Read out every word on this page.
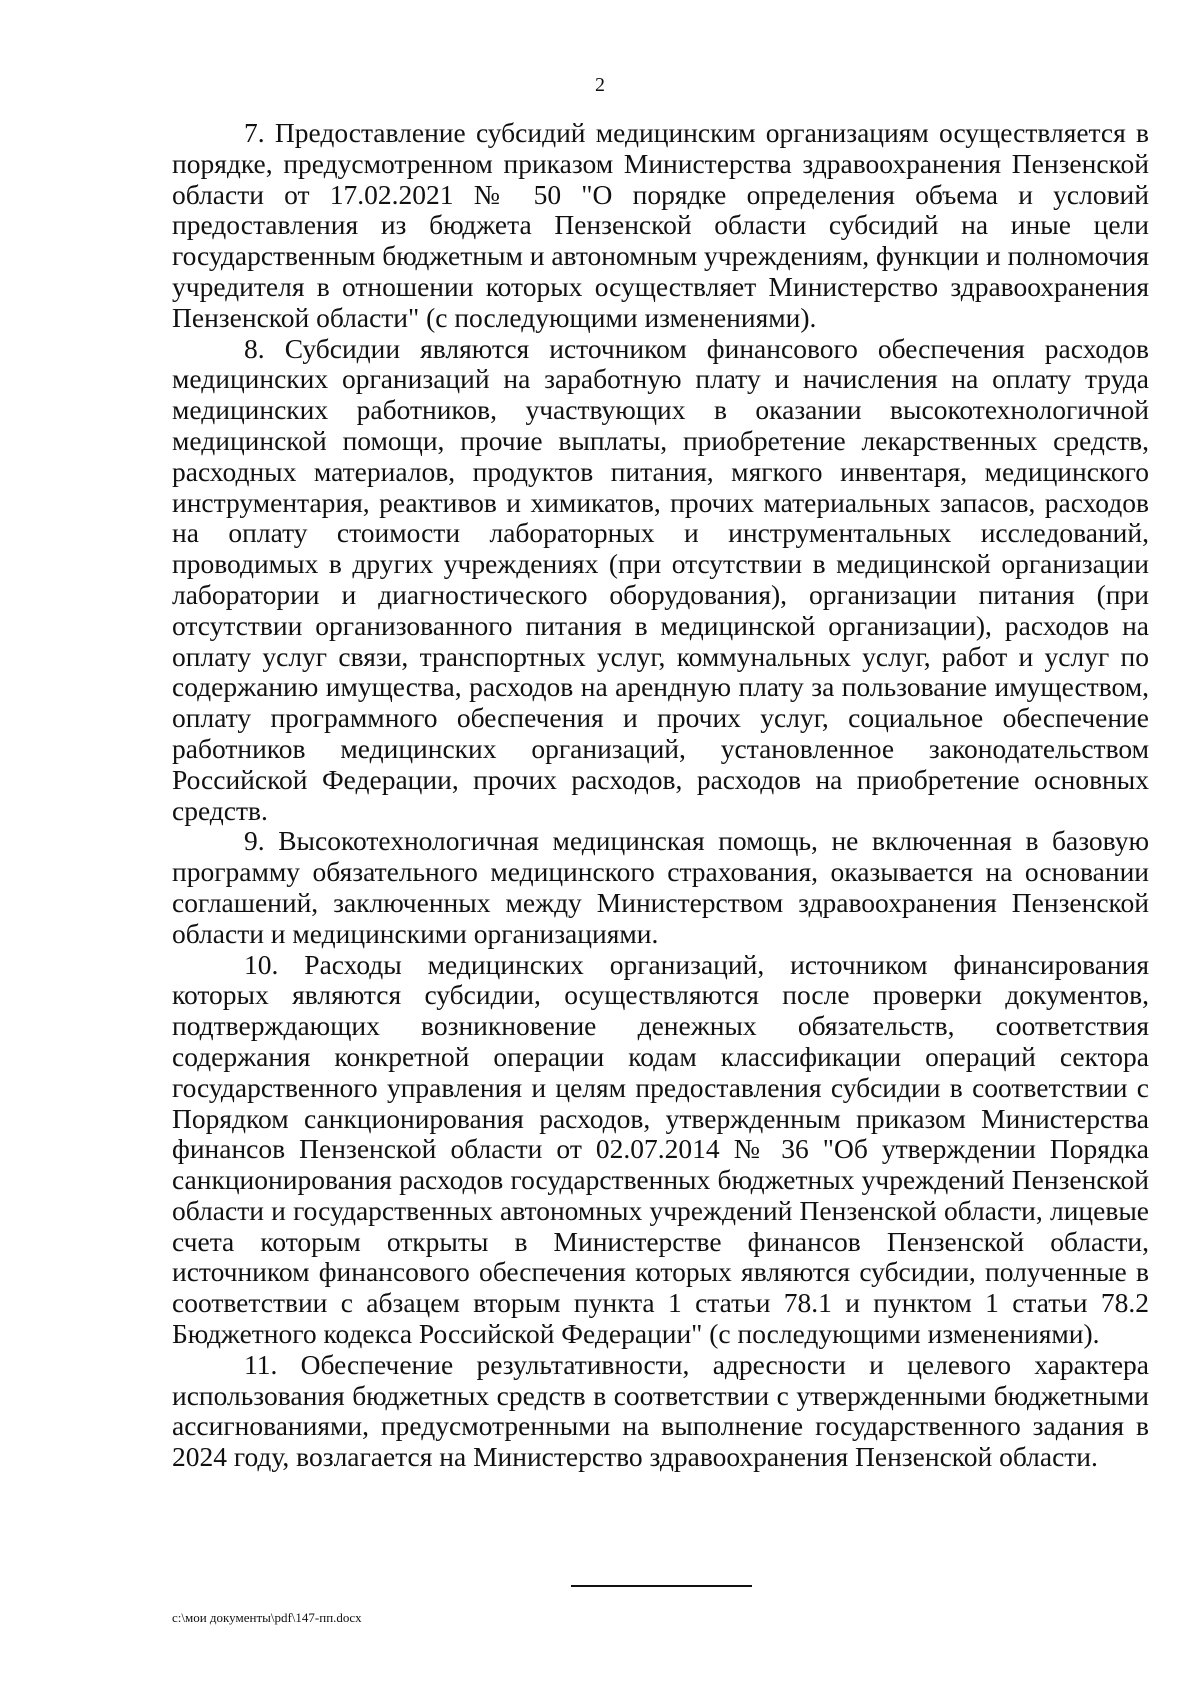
2

7. Предоставление субсидий медицинским организациям осуществляется в порядке, предусмотренном приказом Министерства здравоохранения Пензенской области от 17.02.2021 № 50 "О порядке определения объема и условий предоставления из бюджета Пензенской области субсидий на иные цели государственным бюджетным и автономным учреждениям, функции и полномочия учредителя в отношении которых осуществляет Министерство здравоохранения Пензенской области" (с последующими изменениями).

8. Субсидии являются источником финансового обеспечения расходов медицинских организаций на заработную плату и начисления на оплату труда медицинских работников, участвующих в оказании высокотехнологичной медицинской помощи, прочие выплаты, приобретение лекарственных средств, расходных материалов, продуктов питания, мягкого инвентаря, медицинского инструментария, реактивов и химикатов, прочих материальных запасов, расходов на оплату стоимости лабораторных и инструментальных исследований, проводимых в других учреждениях (при отсутствии в медицинской организации лаборатории и диагностического оборудования), организации питания (при отсутствии организованного питания в медицинской организации), расходов на оплату услуг связи, транспортных услуг, коммунальных услуг, работ и услуг по содержанию имущества, расходов на арендную плату за пользование имуществом, оплату программного обеспечения и прочих услуг, социальное обеспечение работников медицинских организаций, установленное законодательством Российской Федерации, прочих расходов, расходов на приобретение основных средств.

9. Высокотехнологичная медицинская помощь, не включенная в базовую программу обязательного медицинского страхования, оказывается на основании соглашений, заключенных между Министерством здравоохранения Пензенской области и медицинскими организациями.

10. Расходы медицинских организаций, источником финансирования которых являются субсидии, осуществляются после проверки документов, подтверждающих возникновение денежных обязательств, соответствия содержания конкретной операции кодам классификации операций сектора государственного управления и целям предоставления субсидии в соответствии с Порядком санкционирования расходов, утвержденным приказом Министерства финансов Пензенской области от 02.07.2014 № 36 "Об утверждении Порядка санкционирования расходов государственных бюджетных учреждений Пензенской области и государственных автономных учреждений Пензенской области, лицевые счета которым открыты в Министерстве финансов Пензенской области, источником финансового обеспечения которых являются субсидии, полученные в соответствии с абзацем вторым пункта 1 статьи 78.1 и пунктом 1 статьи 78.2 Бюджетного кодекса Российской Федерации" (с последующими изменениями).

11. Обеспечение результативности, адресности и целевого характера использования бюджетных средств в соответствии с утвержденными бюджетными ассигнованиями, предусмотренными на выполнение государственного задания в 2024 году, возлагается на Министерство здравоохранения Пензенской области.

c:\мои документы\pdf\147-пп.docx
